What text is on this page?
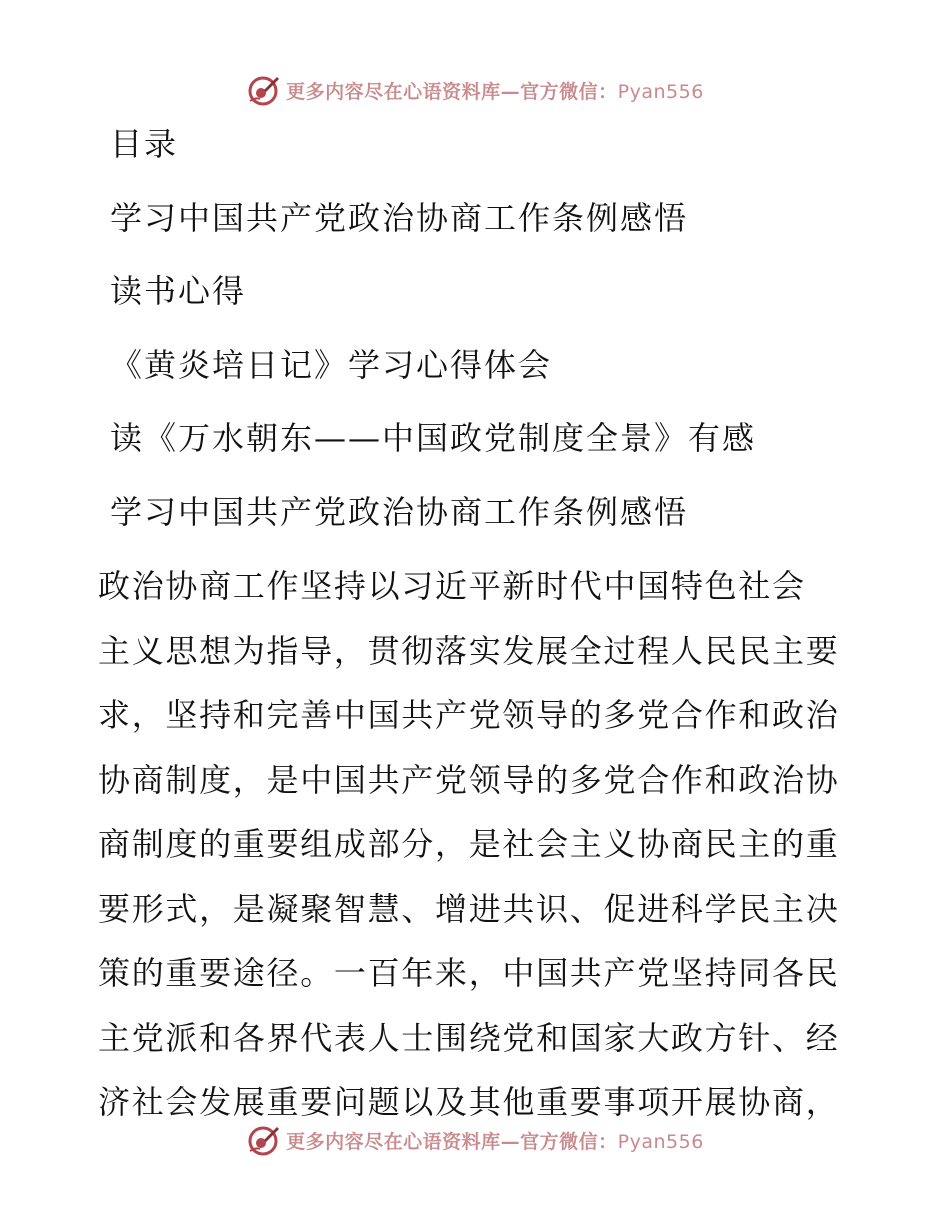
更多内容尽在心语资料库—官方微信：Pyan556
目录
学习中国共产党政治协商工作条例感悟
读书心得
《黄炎培日记》学习心得体会
读《万水朝东——中国政党制度全景》有感
学习中国共产党政治协商工作条例感悟
政治协商工作坚持以习近平新时代中国特色社会
主义思想为指导，贯彻落实发展全过程人民民主要
求，坚持和完善中国共产党领导的多党合作和政治
协商制度，是中国共产党领导的多党合作和政治协
商制度的重要组成部分，是社会主义协商民主的重
要形式，是凝聚智慧、增进共识、促进科学民主决
策的重要途径。一百年来，中国共产党坚持同各民
主党派和各界代表人士围绕党和国家大政方针、经
济社会发展重要问题以及其他重要事项开展协商，
更多内容尽在心语资料库—官方微信：Pyan556
